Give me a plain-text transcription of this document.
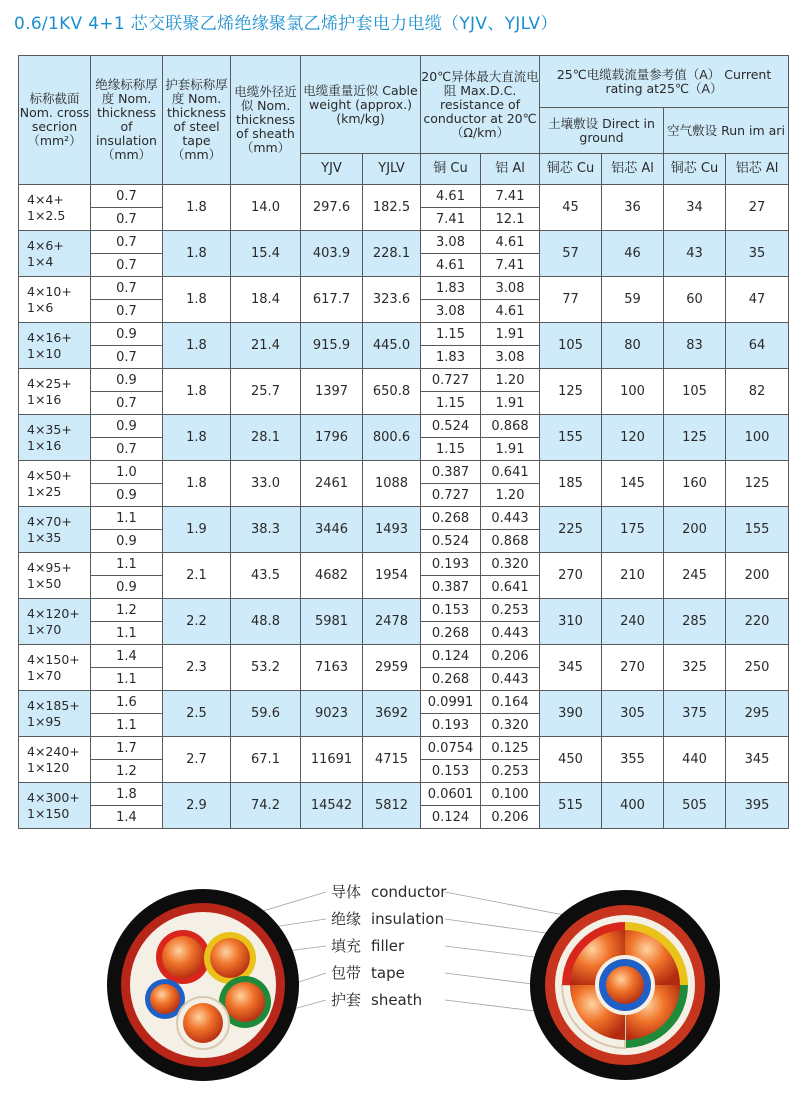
0.6/1KV 4+1 芯交联聚乙烯绝缘聚氯乙烯护套电力电缆（YJV、YJLV）
标称截面 Nom. cross secrion （mm²）	绝缘标称厚度 Nom. thickness of insulation （mm）	护套标称厚度 Nom. thickness of steel tape （mm）	电缆外径近似 Nom. thickness of sheath （mm）	电缆重量近似 Cable weight (approx.) (km/kg)		20℃异体最大直流电阻 Max.D.C. resistance of conductor at 20℃（Ω/km）		25℃电缆载流量参考值（A） Current rating at25℃（A）			
								土壤敷设 Direct in ground		空气敷设 Run im ari	
				YJV	YJLV	铜 Cu	铝 Al	铜芯 Cu	铝芯 Al	铜芯 Cu	铝芯 Al

4×4+
1×2.5	0.7	1.8	14.0	297.6	182.5	4.61	7.41	45	36	34	27
	0.7					7.41	12.1				

4×6+
1×4	0.7	1.8	15.4	403.9	228.1	3.08	4.61	57	46	43	35
	0.7					4.61	7.41				

4×10+
1×6	0.7	1.8	18.4	617.7	323.6	1.83	3.08	77	59	60	47
	0.7					3.08	4.61				

4×16+
1×10	0.9	1.8	21.4	915.9	445.0	1.15	1.91	105	80	83	64
	0.7					1.83	3.08				

4×25+
1×16	0.9	1.8	25.7	1397	650.8	0.727	1.20	125	100	105	82
	0.7					1.15	1.91				

4×35+
1×16	0.9	1.8	28.1	1796	800.6	0.524	0.868	155	120	125	100
	0.7					1.15	1.91				

4×50+
1×25	1.0	1.8	33.0	2461	1088	0.387	0.641	185	145	160	125
	0.9					0.727	1.20				

4×70+
1×35	1.1	1.9	38.3	3446	1493	0.268	0.443	225	175	200	155
	0.9					0.524	0.868				

4×95+
1×50	1.1	2.1	43.5	4682	1954	0.193	0.320	270	210	245	200
	0.9					0.387	0.641				

4×120+
1×70	1.2	2.2	48.8	5981	2478	0.153	0.253	310	240	285	220
	1.1					0.268	0.443				

4×150+
1×70	1.4	2.3	53.2	7163	2959	0.124	0.206	345	270	325	250
	1.1					0.268	0.443				

4×185+
1×95	1.6	2.5	59.6	9023	3692	0.0991	0.164	390	305	375	295
	1.1					0.193	0.320				

4×240+
1×120	1.7	2.7	67.1	11691	4715	0.0754	0.125	450	355	440	345
	1.2					0.153	0.253				

4×300+
1×150	1.8	2.9	74.2	14542	5812	0.0601	0.100	515	400	505	395
	1.4					0.124	0.206				
导体 conductor
绝缘 insulation
填充 filler
包带 tape
护套 sheath
